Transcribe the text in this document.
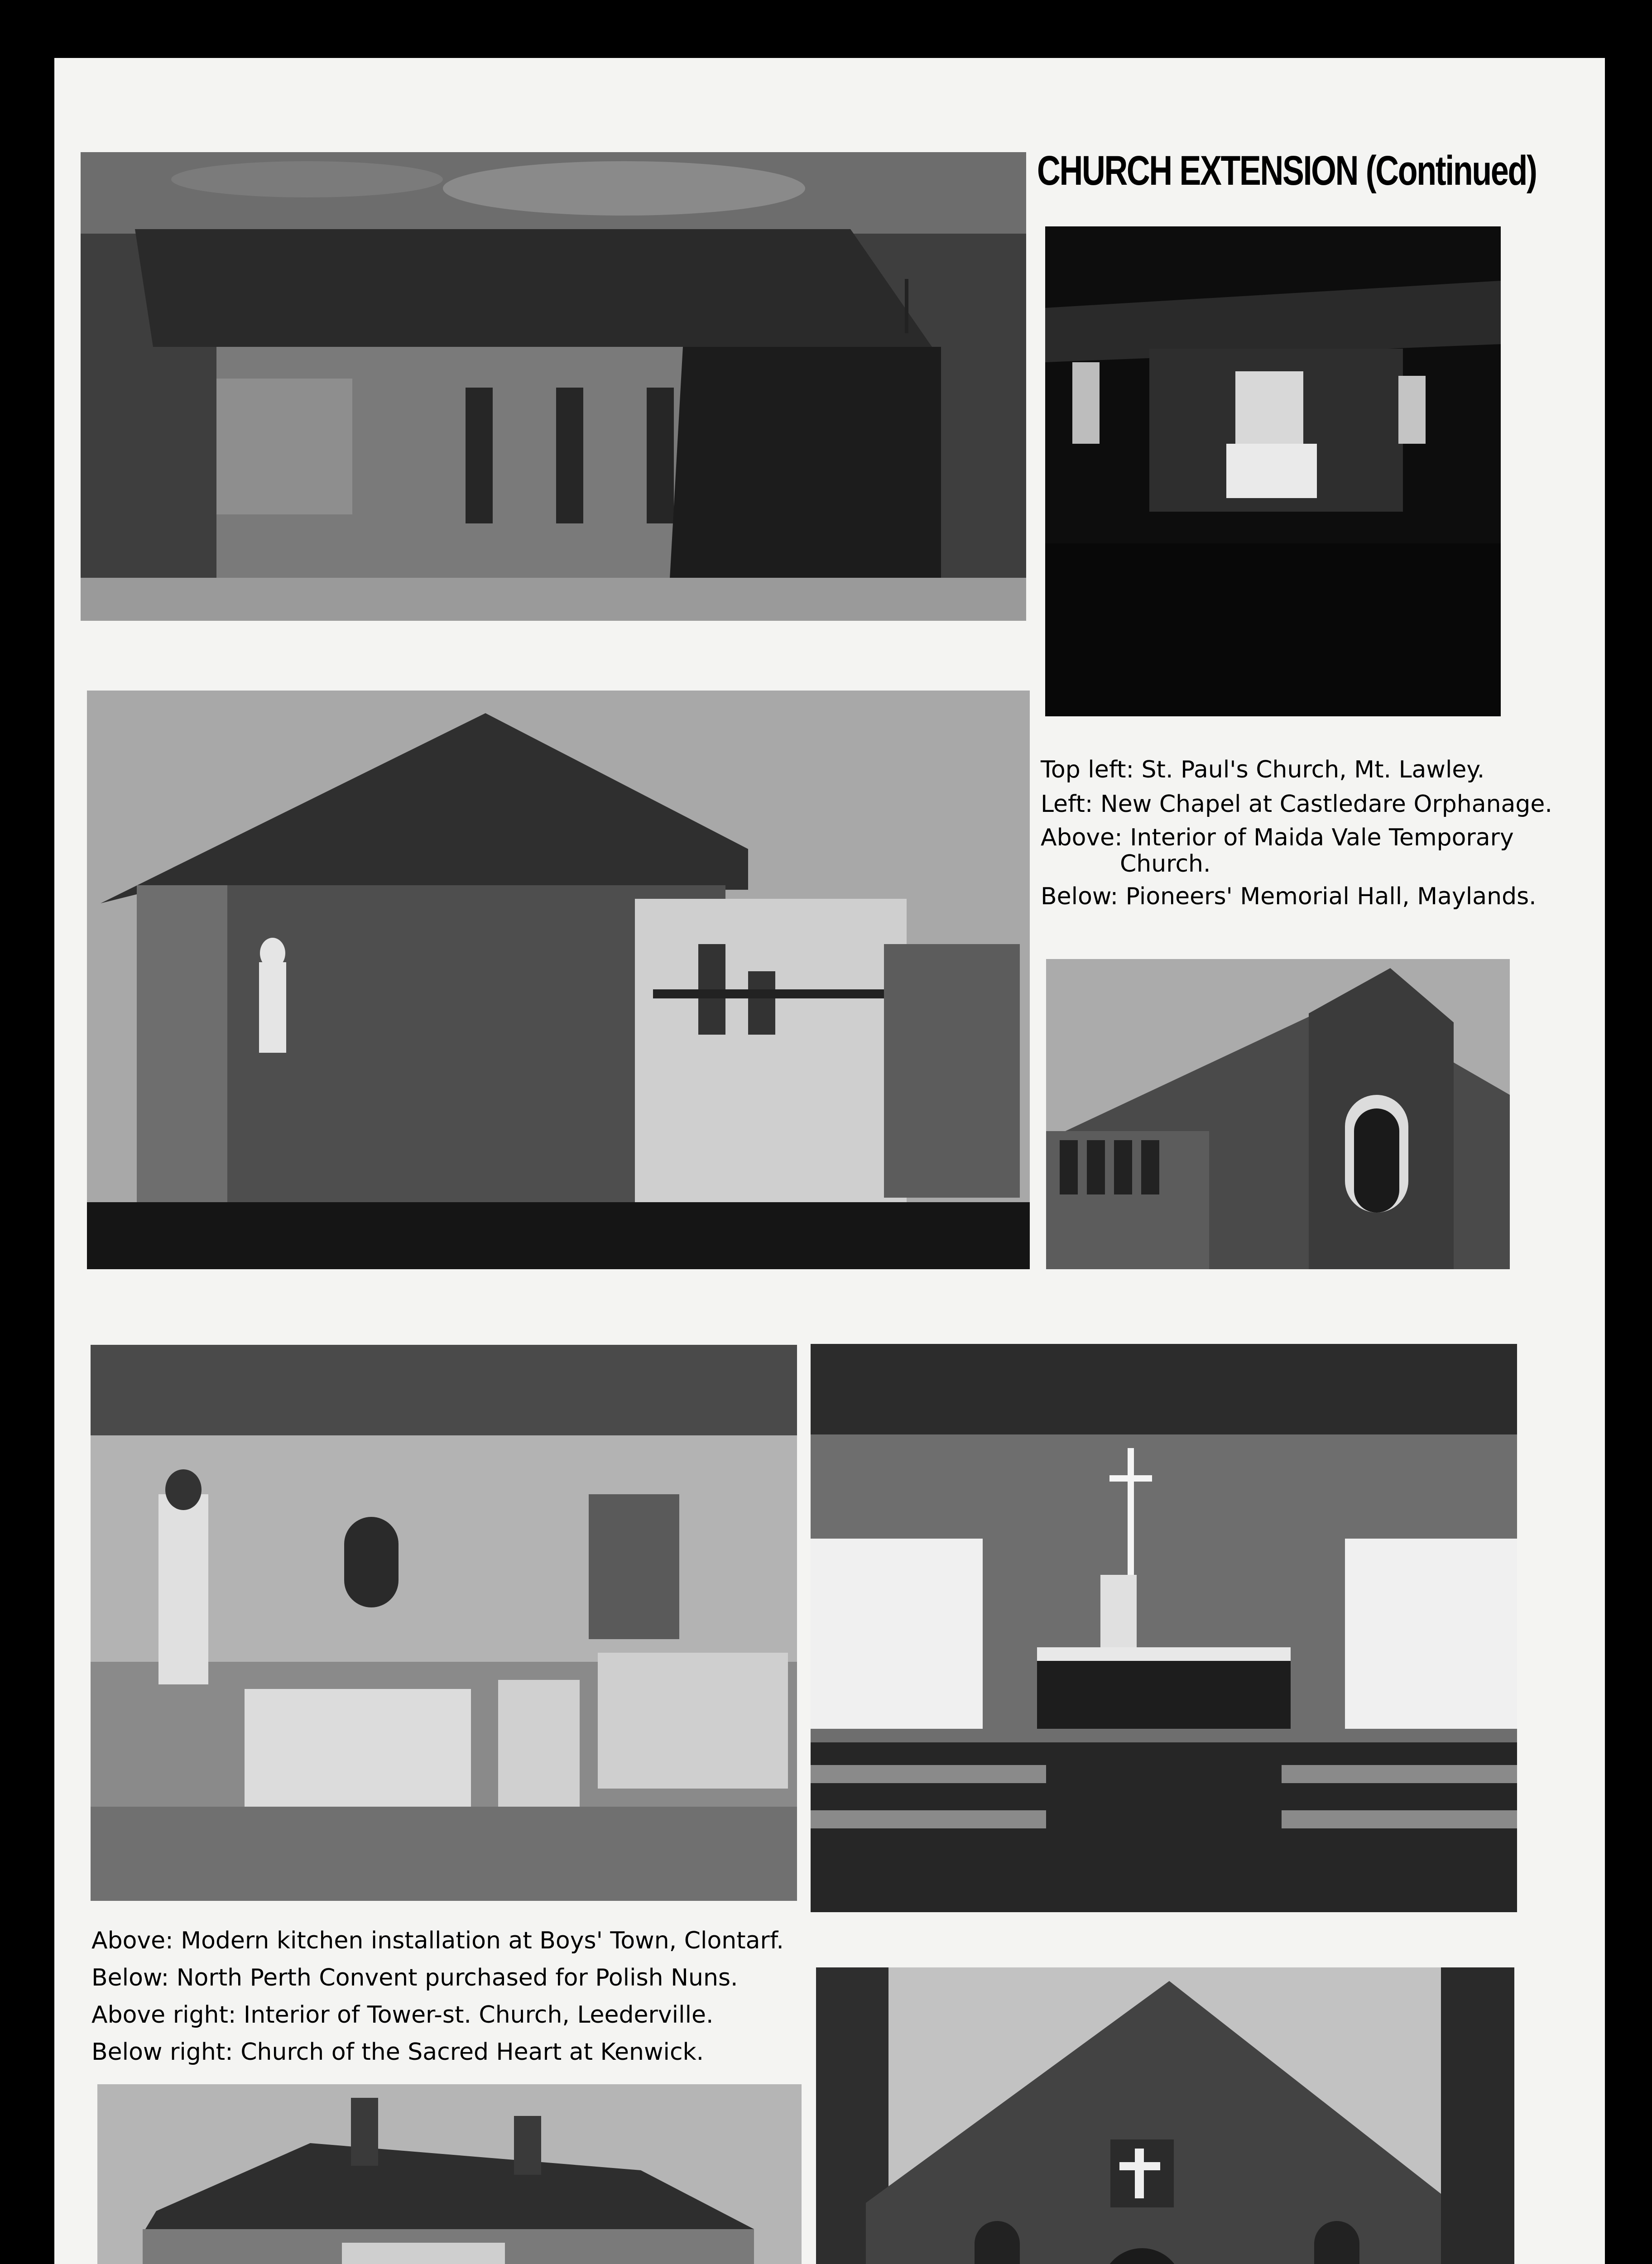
CHURCH EXTENSION (Continued)
Top left: St. Paul's Church, Mt. Lawley.
Left: New Chapel at Castledare Orphanage.
Above: Interior of Maida Vale Temporary
Church.
Below: Pioneers' Memorial Hall, Maylands.
Above: Modern kitchen installation at Boys' Town, Clontarf.
Below: North Perth Convent purchased for Polish Nuns.
Above right: Interior of Tower-st. Church, Leederville.
Below right: Church of the Sacred Heart at Kenwick.
